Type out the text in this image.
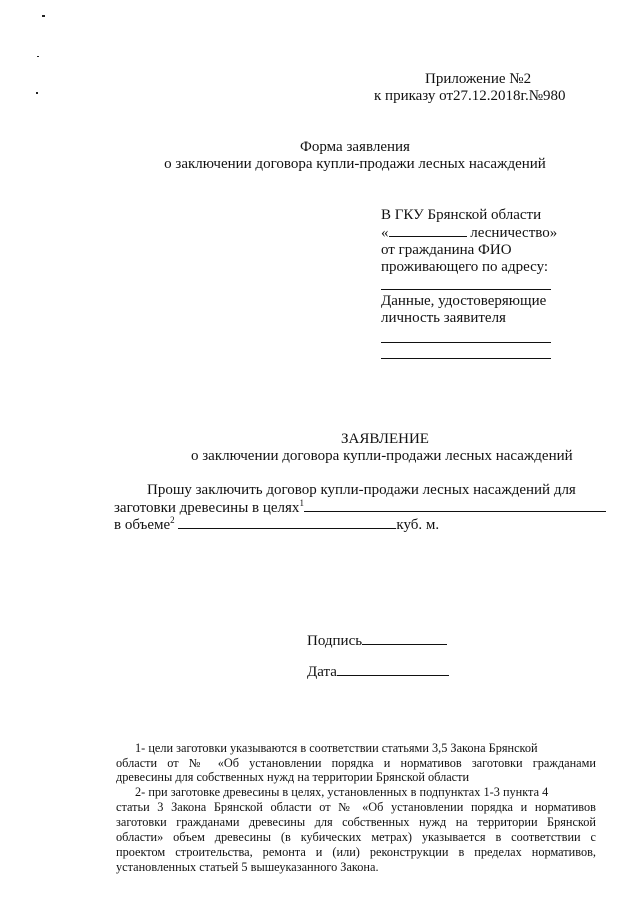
Приложение №2
к приказу от27.12.2018г.№980
Форма заявления
о заключении договора купли-продажи лесных насаждений
В ГКУ Брянской области
«	лесничество»
от гражданина ФИО
проживающего по адресу:
Данные, удостоверяющие
личность заявителя
ЗАЯВЛЕНИЕ
о заключении договора купли-продажи лесных насаждений
Прошу заключить договор купли-продажи лесных насаждений для
заготовки древесины в целях$^1$
в объеме$^2$	куб. м.
Подпись
Дата
1- цели заготовки указываются в соответствии статьями 3,5 Закона Брянской
области от № «Об установлении порядка и нормативов заготовки гражданами
древесины для собственных нужд на территории Брянской области
2- при заготовке древесины в целях, установленных в подпунктах 1-3 пункта 4
статьи 3 Закона Брянской области от № «Об установлении порядка и нормативов
заготовки гражданами древесины для собственных нужд на территории Брянской
области» объем древесины (в кубических метрах) указывается в соответствии с
проектом строительства, ремонта и (или) реконструкции в пределах нормативов,
установленных статьей 5 вышеуказанного Закона.
